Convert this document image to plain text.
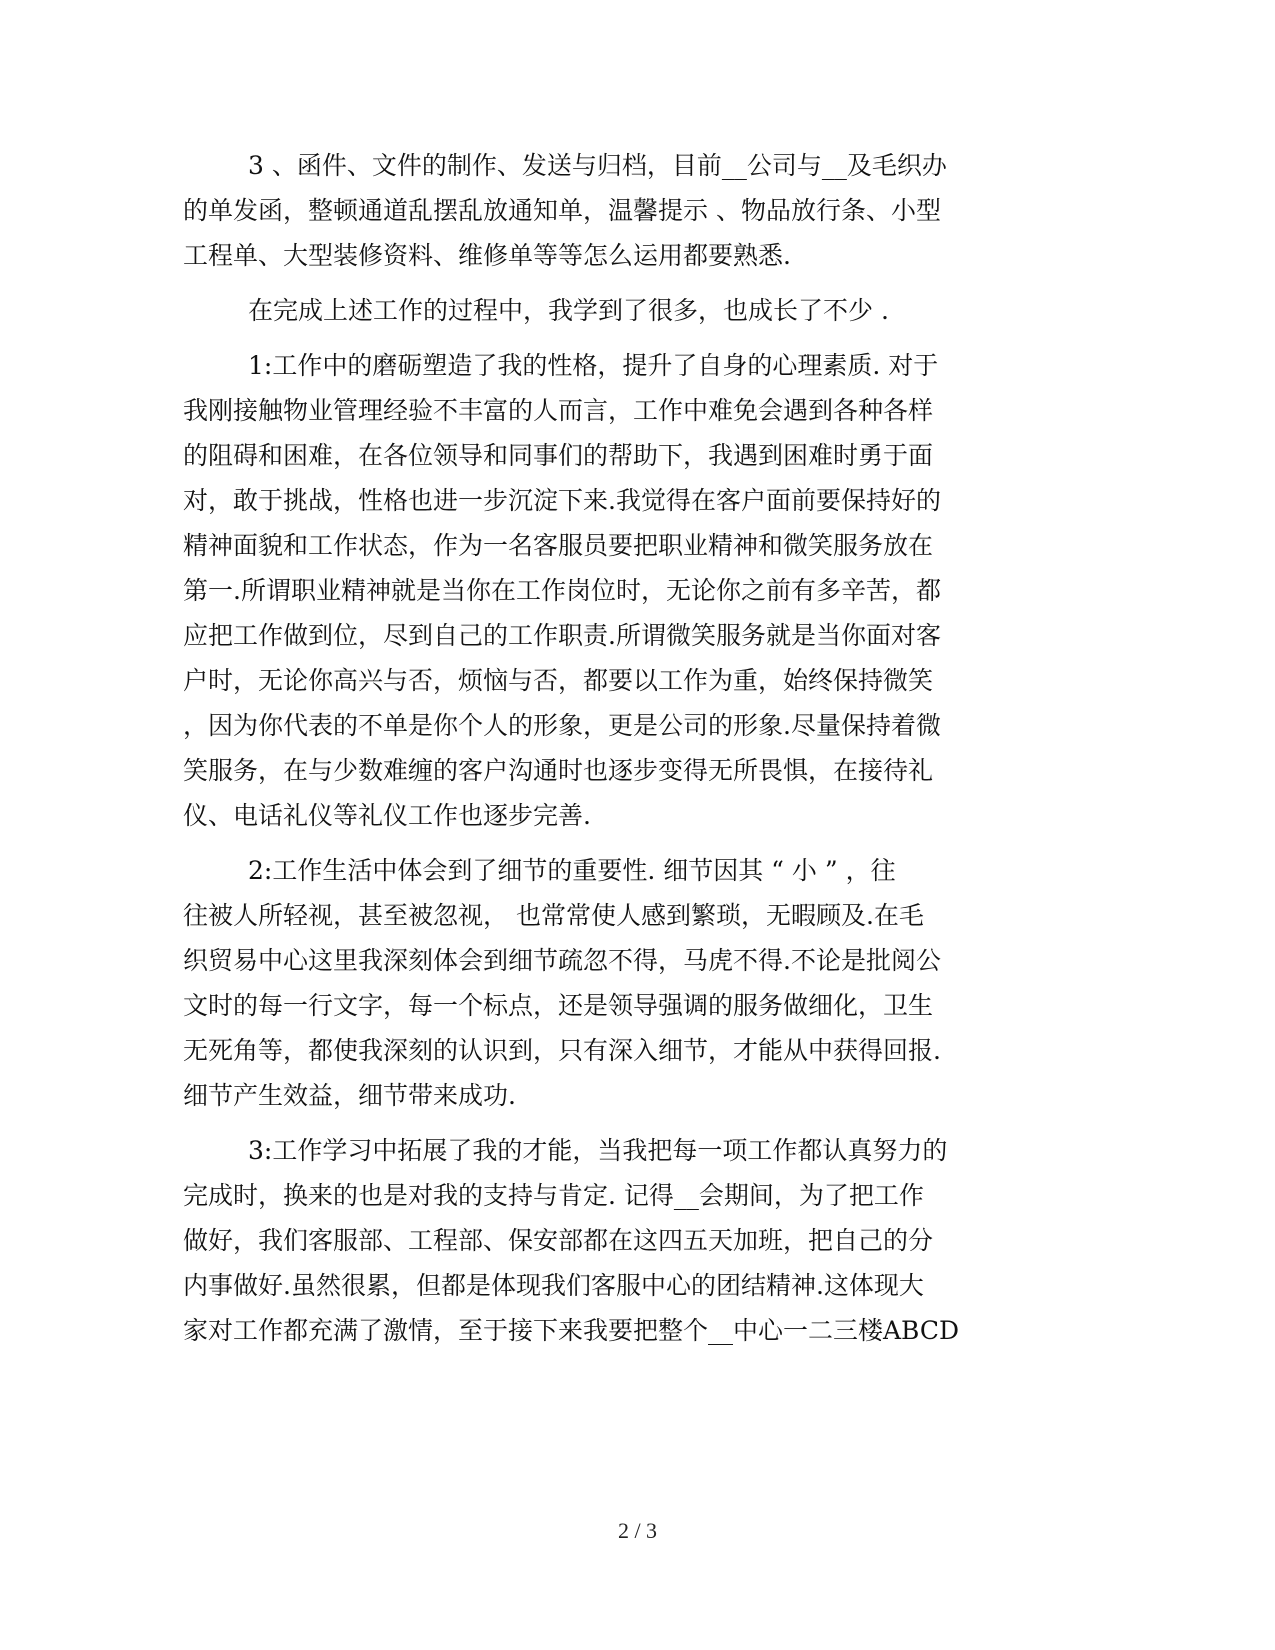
3 、函件、文件的制作、发送与归档，目前__公司与__及毛织办
的单发函，整顿通道乱摆乱放通知单，温馨提示 、物品放行条、小型
工程单、大型装修资料、维修单等等怎么运用都要熟悉.
在完成上述工作的过程中，我学到了很多，也成长了不少 .
1:工作中的磨砺塑造了我的性格，提升了自身的心理素质. 对于
我刚接触物业管理经验不丰富的人而言，工作中难免会遇到各种各样
的阻碍和困难，在各位领导和同事们的帮助下，我遇到困难时勇于面
对，敢于挑战，性格也进一步沉淀下来.我觉得在客户面前要保持好的
精神面貌和工作状态，作为一名客服员要把职业精神和微笑服务放在
第一.所谓职业精神就是当你在工作岗位时，无论你之前有多辛苦，都
应把工作做到位，尽到自己的工作职责.所谓微笑服务就是当你面对客
户时，无论你高兴与否，烦恼与否，都要以工作为重，始终保持微笑
，因为你代表的不单是你个人的形象，更是公司的形象.尽量保持着微
笑服务，在与少数难缠的客户沟通时也逐步变得无所畏惧，在接待礼
仪、电话礼仪等礼仪工作也逐步完善.
2:工作生活中体会到了细节的重要性. 细节因其 “ 小 ” ，往
往被人所轻视，甚至被忽视， 也常常使人感到繁琐，无暇顾及.在毛
织贸易中心这里我深刻体会到细节疏忽不得，马虎不得.不论是批阅公
文时的每一行文字，每一个标点，还是领导强调的服务做细化，卫生
无死角等，都使我深刻的认识到，只有深入细节，才能从中获得回报.
细节产生效益，细节带来成功.
3:工作学习中拓展了我的才能，当我把每一项工作都认真努力的
完成时，换来的也是对我的支持与肯定. 记得__会期间，为了把工作
做好，我们客服部、工程部、保安部都在这四五天加班，把自己的分
内事做好.虽然很累，但都是体现我们客服中心的团结精神.这体现大
家对工作都充满了激情，至于接下来我要把整个__中心一二三楼ABCD
2 / 3
